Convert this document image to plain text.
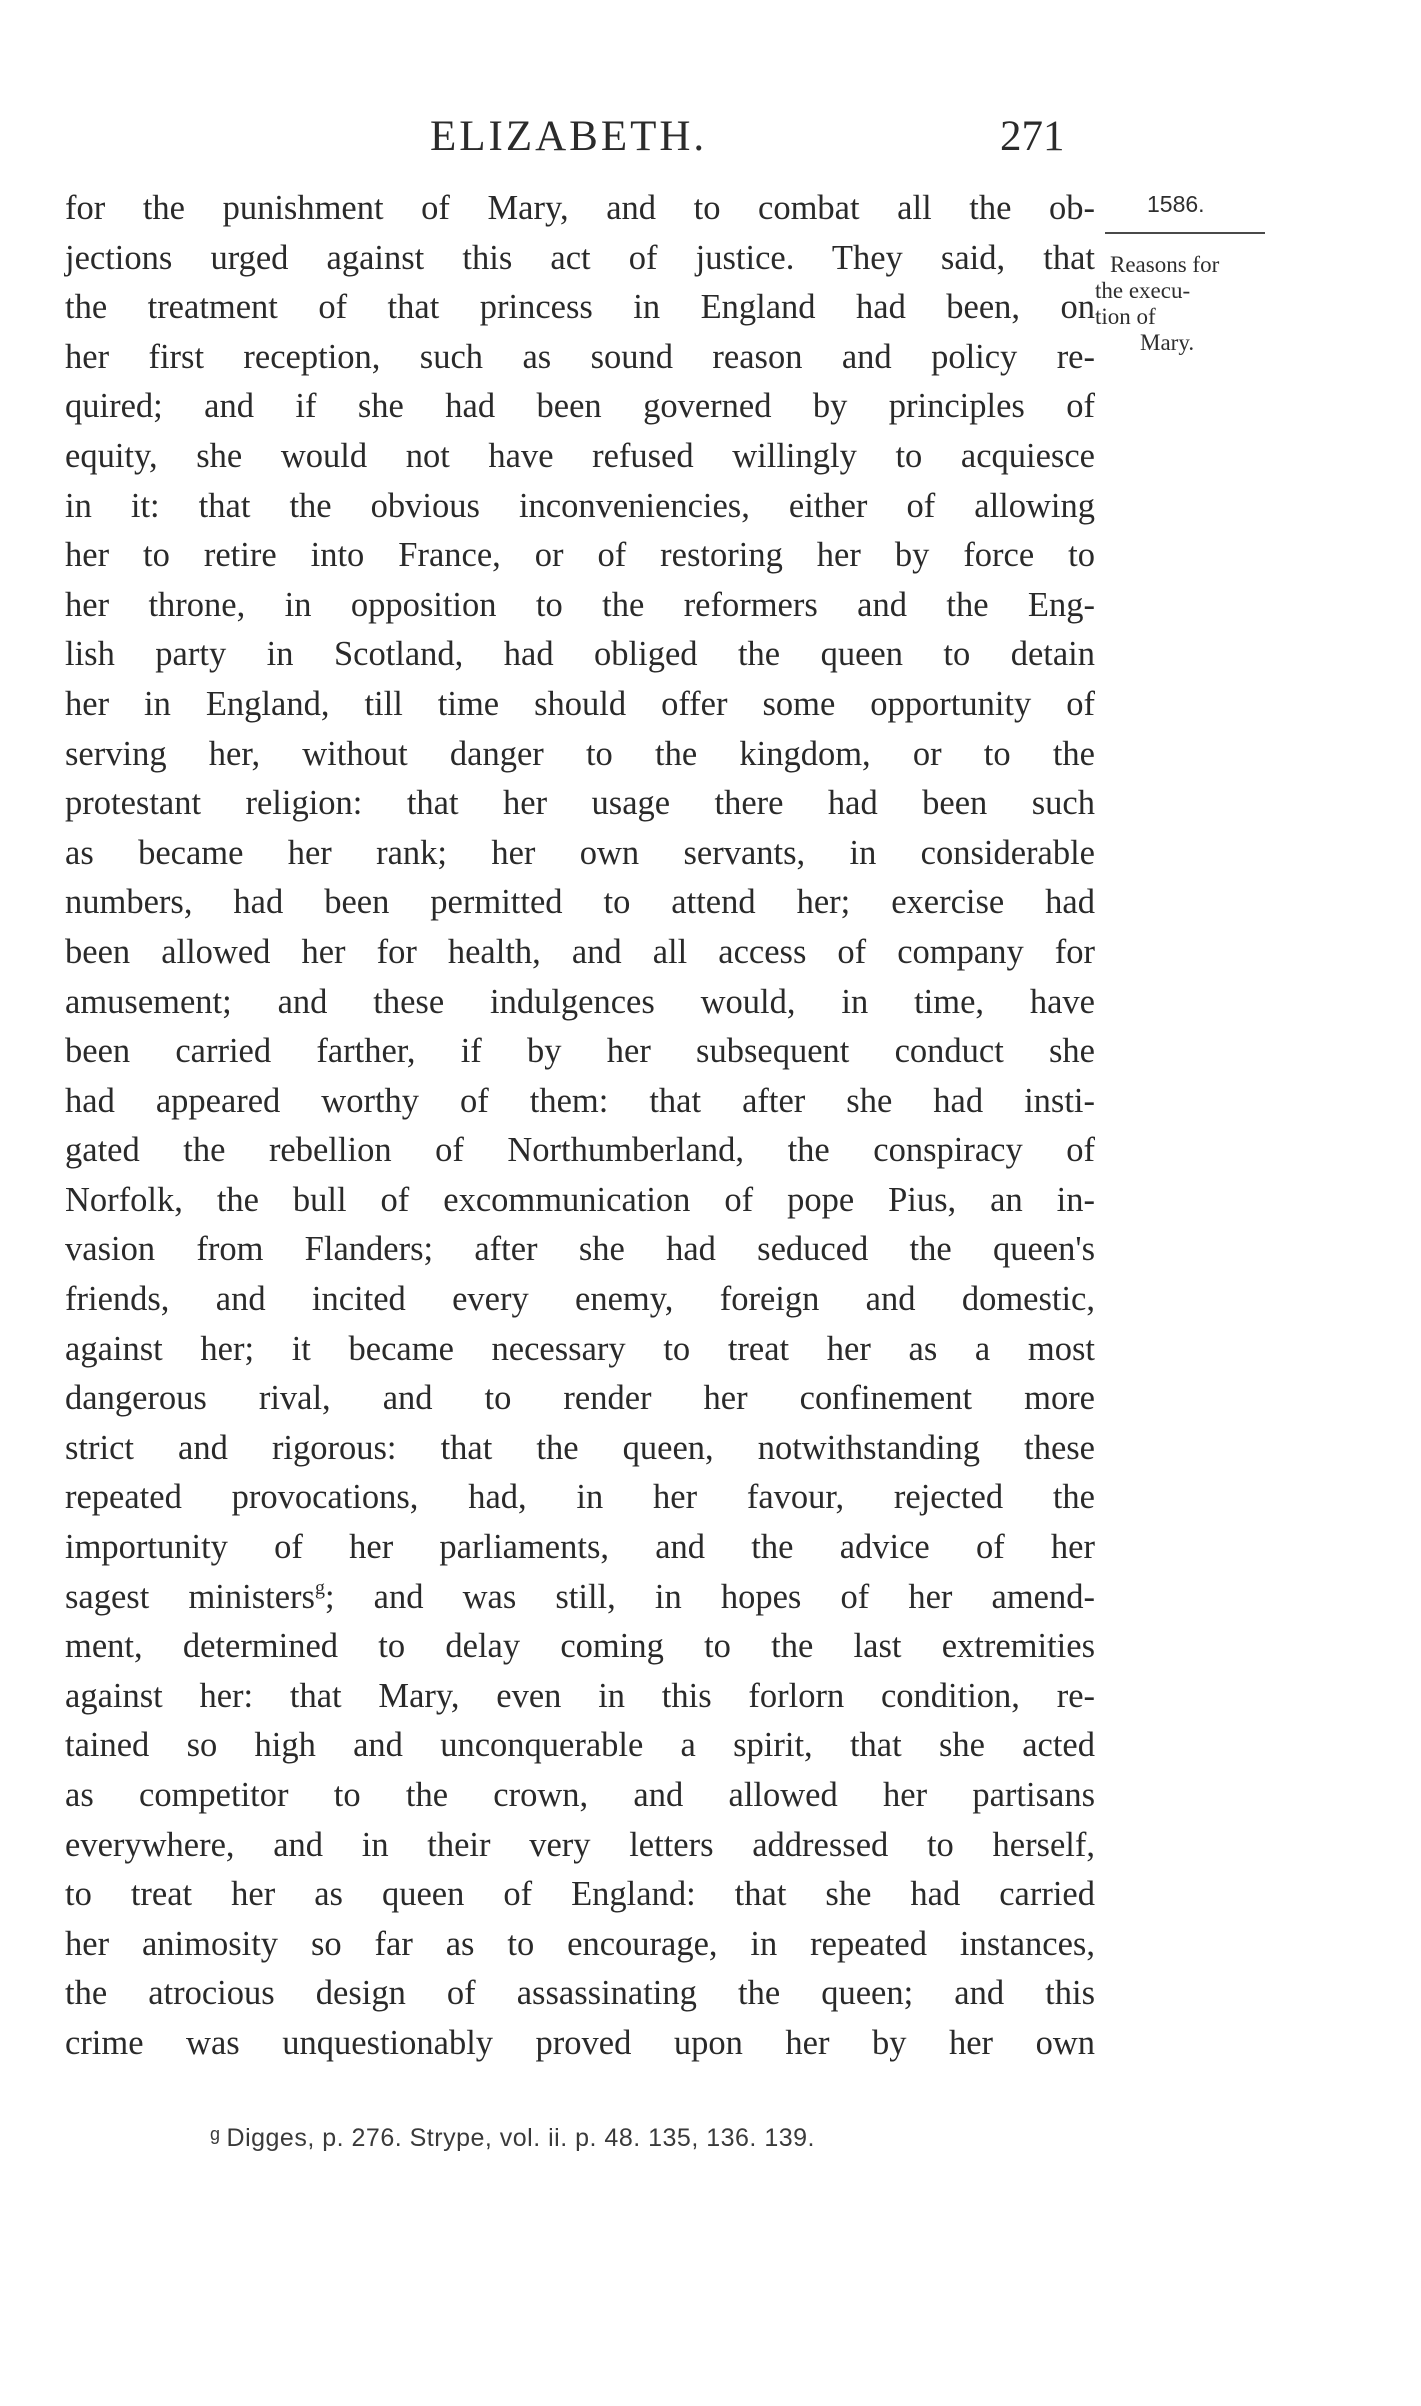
ELIZABETH.	271
1586.
Reasons for
the execu-
tion of
Mary.
for the punishment of Mary, and to combat all the ob-
jections urged against this act of justice. They said, that
the treatment of that princess in England had been, on
her first reception, such as sound reason and policy re-
quired; and if she had been governed by principles of
equity, she would not have refused willingly to acquiesce
in it: that the obvious inconveniencies, either of allowing
her to retire into France, or of restoring her by force to
her throne, in opposition to the reformers and the Eng-
lish party in Scotland, had obliged the queen to detain
her in England, till time should offer some opportunity of
serving her, without danger to the kingdom, or to the
protestant religion: that her usage there had been such
as became her rank; her own servants, in considerable
numbers, had been permitted to attend her; exercise had
been allowed her for health, and all access of company for
amusement; and these indulgences would, in time, have
been carried farther, if by her subsequent conduct she
had appeared worthy of them: that after she had insti-
gated the rebellion of Northumberland, the conspiracy of
Norfolk, the bull of excommunication of pope Pius, an in-
vasion from Flanders; after she had seduced the queen's
friends, and incited every enemy, foreign and domestic,
against her; it became necessary to treat her as a most
dangerous rival, and to render her confinement more
strict and rigorous: that the queen, notwithstanding these
repeated provocations, had, in her favour, rejected the
importunity of her parliaments, and the advice of her
sagest ministers$^g$; and was still, in hopes of her amend-
ment, determined to delay coming to the last extremities
against her: that Mary, even in this forlorn condition, re-
tained so high and unconquerable a spirit, that she acted
as competitor to the crown, and allowed her partisans
everywhere, and in their very letters addressed to herself,
to treat her as queen of England: that she had carried
her animosity so far as to encourage, in repeated instances,
the atrocious design of assassinating the queen; and this
crime was unquestionably proved upon her by her own
$^g$ Digges, p. 276. Strype, vol. ii. p. 48. 135, 136. 139.
